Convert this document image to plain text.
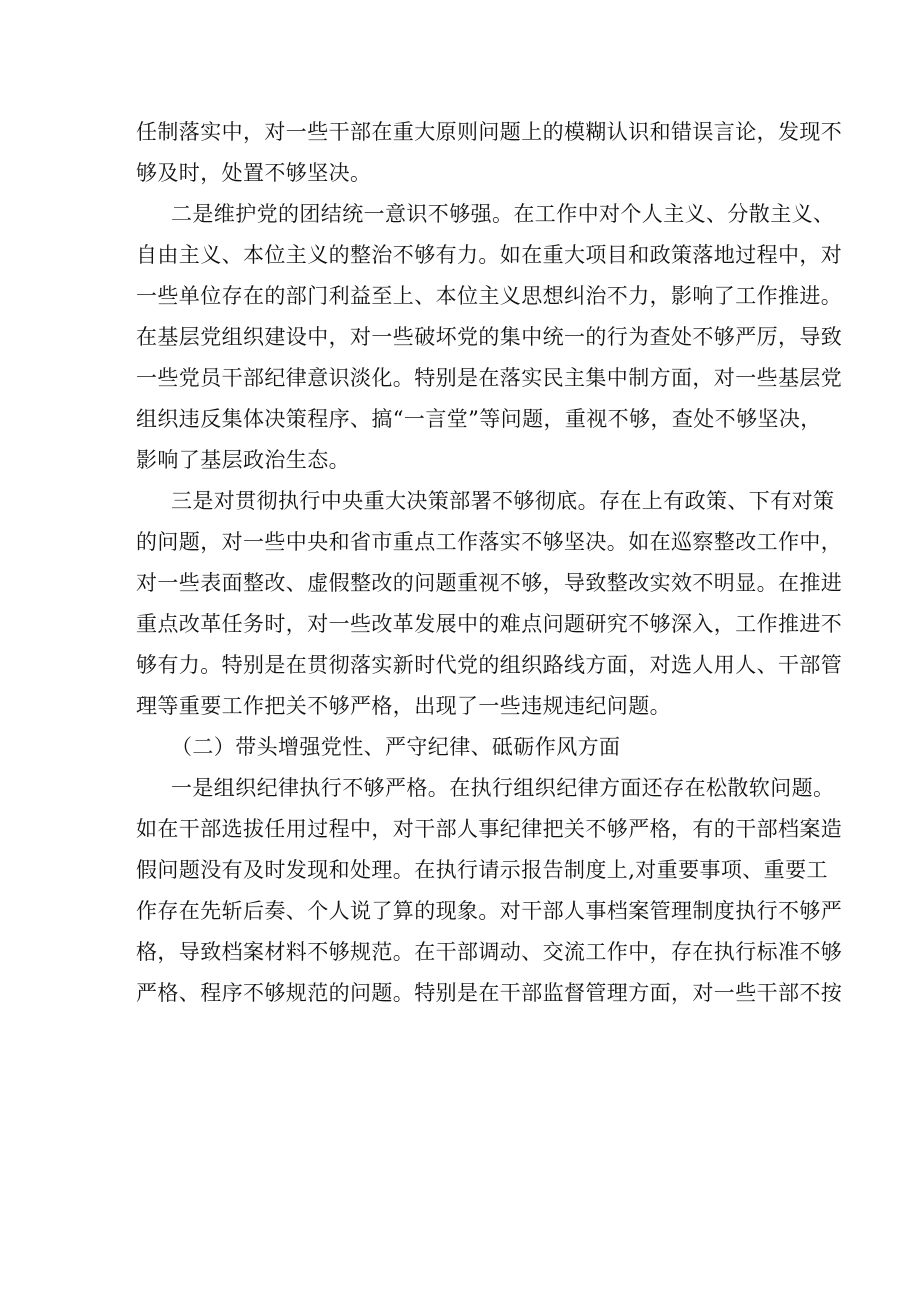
任制落实中，对一些干部在重大原则问题上的模糊认识和错误言论，发现不
够及时，处置不够坚决。
二是维护党的团结统一意识不够强。在工作中对个人主义、分散主义、
自由主义、本位主义的整治不够有力。如在重大项目和政策落地过程中，对
一些单位存在的部门利益至上、本位主义思想纠治不力，影响了工作推进。
在基层党组织建设中，对一些破坏党的集中统一的行为查处不够严厉，导致
一些党员干部纪律意识淡化。特别是在落实民主集中制方面，对一些基层党
组织违反集体决策程序、搞“一言堂”等问题，重视不够，查处不够坚决，
影响了基层政治生态。
三是对贯彻执行中央重大决策部署不够彻底。存在上有政策、下有对策
的问题，对一些中央和省市重点工作落实不够坚决。如在巡察整改工作中，
对一些表面整改、虚假整改的问题重视不够，导致整改实效不明显。在推进
重点改革任务时，对一些改革发展中的难点问题研究不够深入，工作推进不
够有力。特别是在贯彻落实新时代党的组织路线方面，对选人用人、干部管
理等重要工作把关不够严格，出现了一些违规违纪问题。
（二）带头增强党性、严守纪律、砥砺作风方面
一是组织纪律执行不够严格。在执行组织纪律方面还存在松散软问题。
如在干部选拔任用过程中，对干部人事纪律把关不够严格，有的干部档案造
假问题没有及时发现和处理。在执行请示报告制度上,对重要事项、重要工
作存在先斩后奏、个人说了算的现象。对干部人事档案管理制度执行不够严
格，导致档案材料不够规范。在干部调动、交流工作中，存在执行标准不够
严格、程序不够规范的问题。特别是在干部监督管理方面，对一些干部不按
